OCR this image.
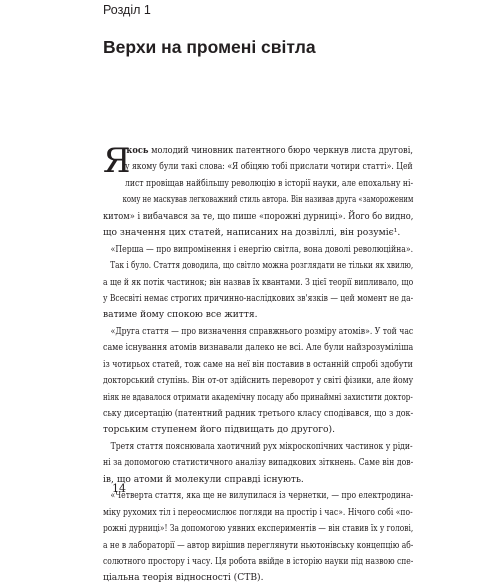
Розділ 1
Верхи на промені світла
Я
кось молодий чиновник патентного бюро черкнув листа другові,
у якому були такі слова: «Я обіцяю тобі прислати чотири статті». Цей
лист провіщав найбільшу революцію в історії науки, але епохальну ні-
кому не маскував легковажний стиль автора. Він називав друга «замороженим
китом» і вибачався за те, що пише «порожні дурниці». Його бо видно,
що значення цих статей, написаних на дозвіллі, він розуміє¹.
«Перша — про випромінення і енергію світла, вона доволі революційна».
Так і було. Стаття доводила, що світло можна розглядати не тільки як хвилю,
а ще й як потік частинок; він назвав їх квантами. З цієї теорії випливало, що
у Всесвіті немає строгих причинно-наслідкових зв'язків — цей момент не да-
ватиме йому спокою все життя.
«Друга стаття — про визначення справжнього розміру атомів». У той час
саме існування атомів визнавали далеко не всі. Але були найзрозуміліша
із чотирьох статей, тож саме на неї він поставив в останній спробі здобути
докторський ступінь. Він от-от здійснить переворот у світі фізики, але йому
ніяк не вдавалося отримати академічну посаду або принаймні захистити доктор-
ську дисертацію (патентний радник третього класу сподівався, що з док-
торським ступенем його підвищать до другого).
Третя стаття пояснювала хаотичний рух мікроскопічних частинок у ріди-
ні за допомогою статистичного аналізу випадкових зіткнень. Саме він дов-
ів, що атоми й молекули справді існують.
«Четверта стаття, яка ще не вилупилася із чернетки, — про електродина-
міку рухомих тіл і переосмислює погляди на простір і час». Нічого собі «по-
рожні дурниці»! За допомогою уявних експериментів — він ставив їх у голові,
а не в лабораторії — автор вирішив переглянути ньютонівську концепцію аб-
солютного простору і часу. Ця робота ввійде в історію науки під назвою спе-
ціальна теорія відносності (СТВ).
14
